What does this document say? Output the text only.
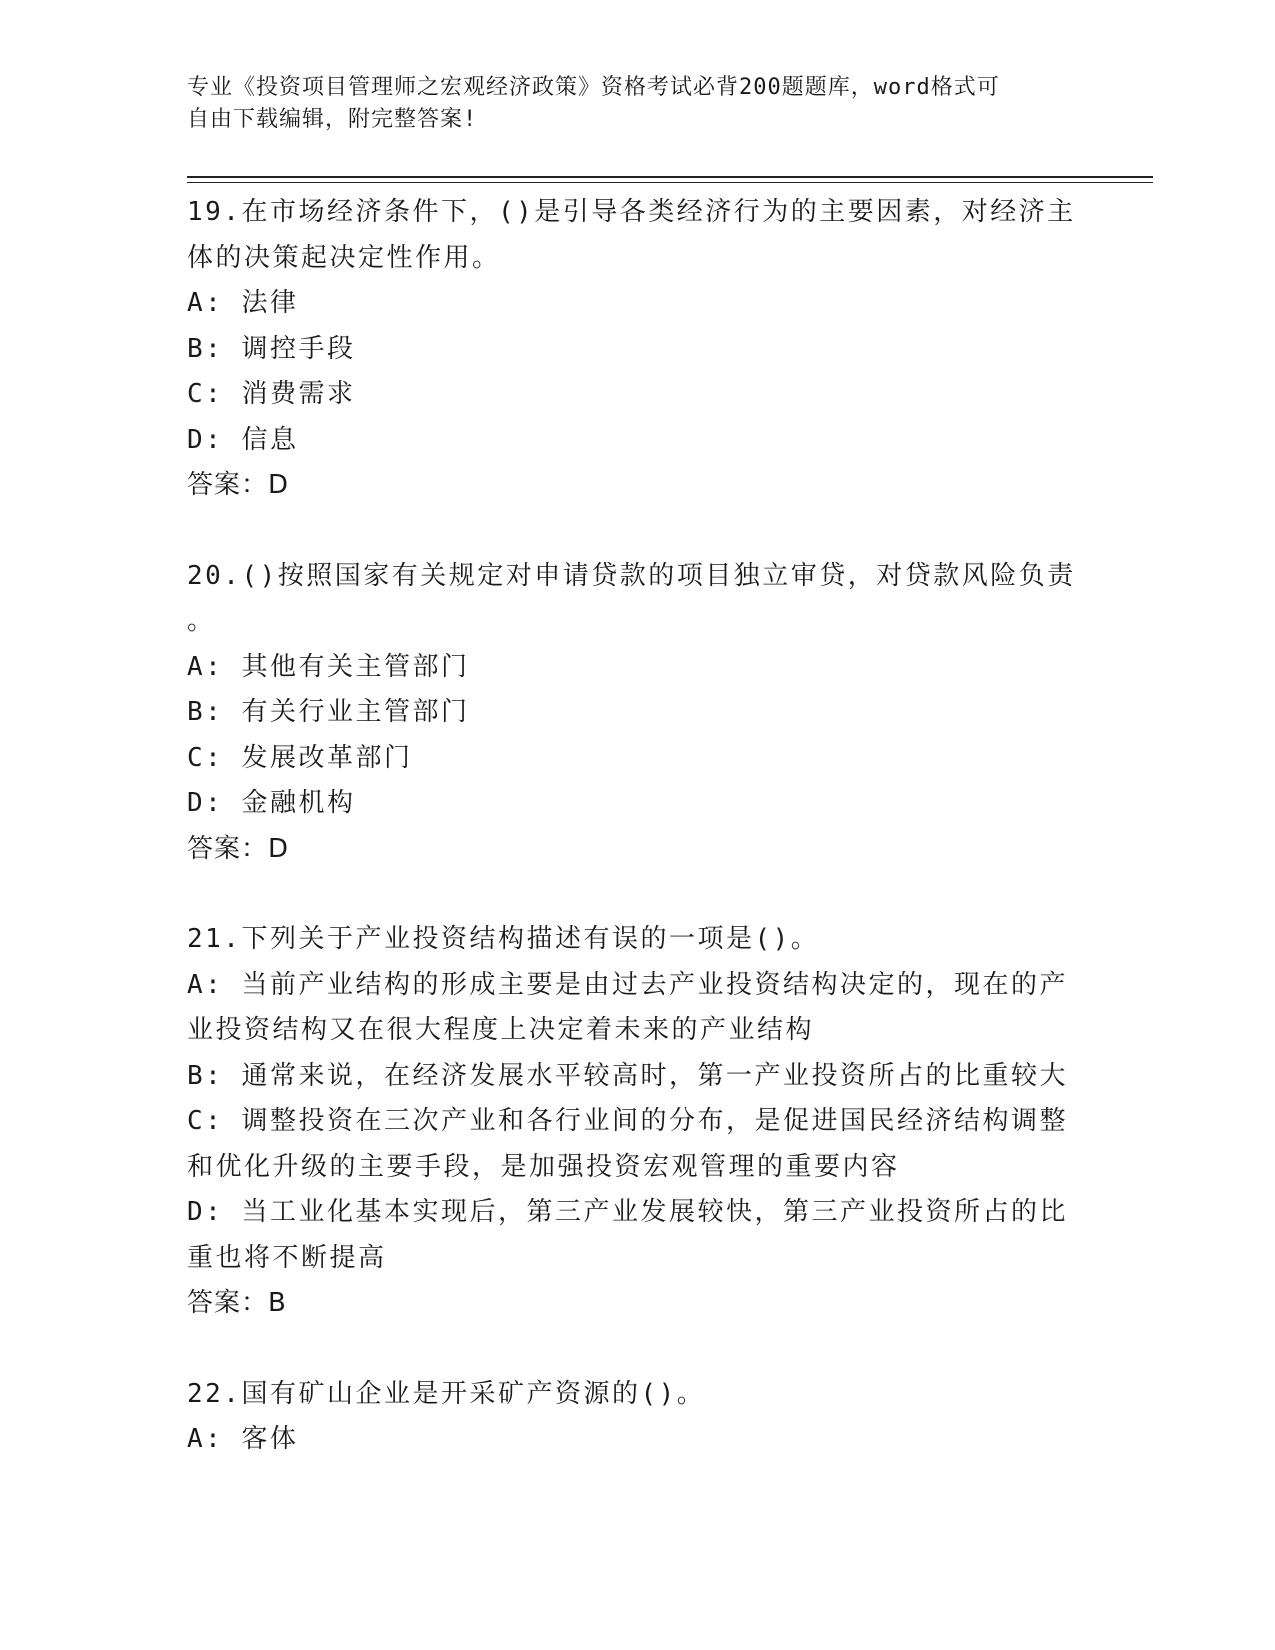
专业《投资项目管理师之宏观经济政策》资格考试必背200题题库，word格式可
自由下载编辑，附完整答案!
19.在市场经济条件下，()是引导各类经济行为的主要因素，对经济主
体的决策起决定性作用。
A: 法律
B: 调控手段
C: 消费需求
D: 信息
答案：D
20.()按照国家有关规定对申请贷款的项目独立审贷，对贷款风险负责
。
A: 其他有关主管部门
B: 有关行业主管部门
C: 发展改革部门
D: 金融机构
答案：D
21.下列关于产业投资结构描述有误的一项是()。
A: 当前产业结构的形成主要是由过去产业投资结构决定的，现在的产
业投资结构又在很大程度上决定着未来的产业结构
B: 通常来说，在经济发展水平较高时，第一产业投资所占的比重较大
C: 调整投资在三次产业和各行业间的分布，是促进国民经济结构调整
和优化升级的主要手段，是加强投资宏观管理的重要内容
D: 当工业化基本实现后，第三产业发展较快，第三产业投资所占的比
重也将不断提高
答案：B
22.国有矿山企业是开采矿产资源的()。
A: 客体
